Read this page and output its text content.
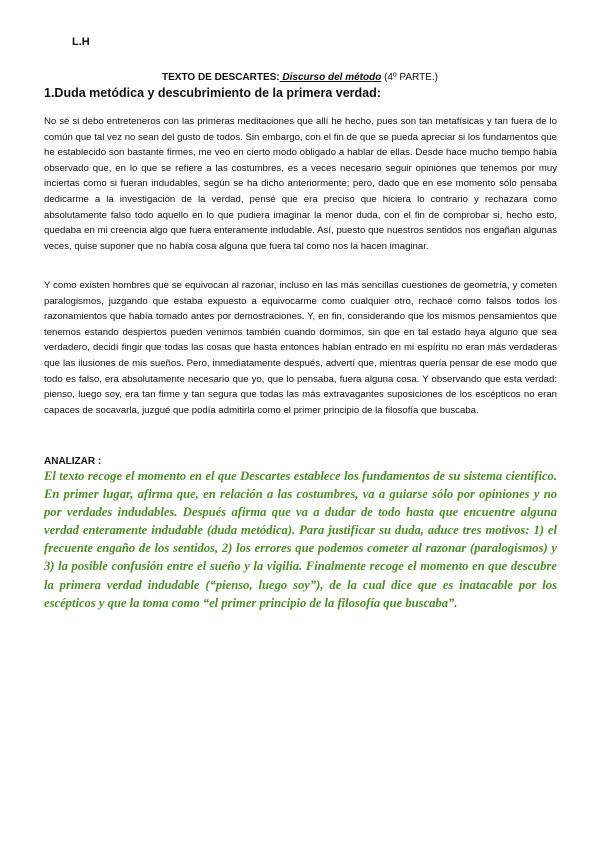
L.H
TEXTO DE DESCARTES: Discurso del método (4º PARTE.)
1.Duda metódica y descubrimiento de la primera verdad:

No sé si debo entreteneros con las primeras meditaciones que allí he hecho, pues son tan metafísicas y tan fuera de lo común que tal vez no sean del gusto de todos. Sin embargo, con el fin de que se pueda apreciar si los fundamentos que he establecido son bastante firmes, me veo en cierto modo obligado a hablar de ellas. Desde hace mucho tiempo había observado que, en lo que se refiere a las costumbres, es a veces necesario seguir opiniones que tenemos por muy inciertas como si fueran indudables, según se ha dicho anteriormente; pero, dado que en ese momento sólo pensaba dedicarme a la investigación de la verdad, pensé que era preciso que hiciera lo contrario y rechazara como absolutamente falso todo aquello en lo que pudiera imaginar la menor duda, con el fin de comprobar si, hecho esto, quedaba en mi creencia algo que fuera enteramente indudable. Así, puesto que nuestros sentidos nos engañan algunas veces, quise suponer que no había cosa alguna que fuera tal como nos la hacen imaginar.

Y como existen hombres que se equivocan al razonar, incluso en las más sencillas cuestiones de geometría, y cometen paralogismos, juzgando que estaba expuesto a equivocarme como cualquier otro, rechacé como falsos todos los razonamientos que había tomado antes por demostraciones. Y, en fin, considerando que los mismos pensamientos que tenemos estando despiertos pueden venirnos también cuando dormimos, sin que en tal estado haya alguno que sea verdadero, decidí fingir que todas las cosas que hasta entonces habían entrado en mi espíritu no eran más verdaderas que las ilusiones de mis sueños. Pero, inmediatamente después, advertí que, mientras quería pensar de ese modo que todo es falso, era absolutamente necesario que yo, que lo pensaba, fuera alguna cosa. Y observando que esta verdad: pienso, luego soy, era tan firme y tan segura que todas las más extravagantes suposiciones de los escépticos no eran capaces de socavarla, juzgué que podía admitirla como el primer principio de la filosofía que buscaba.

ANALIZAR :

El texto recoge el momento en el que Descartes establece los fundamentos de su sistema científico. En primer lugar, afirma que, en relación a las costumbres, va a guiarse sólo por opiniones y no por verdades indudables. Después afirma que va a dudar de todo hasta que encuentre alguna verdad enteramente indudable (duda metódica). Para justificar su duda, aduce tres motivos: 1) el frecuente engaño de los sentidos, 2) los errores que podemos cometer al razonar (paralogismos) y 3) la posible confusión entre el sueño y la vigilia. Finalmente recoge el momento en que descubre la primera verdad indudable (“pienso, luego soy”), de la cual dice que es inatacable por los escépticos y que la toma como “el primer principio de la filosofía que buscaba”.
